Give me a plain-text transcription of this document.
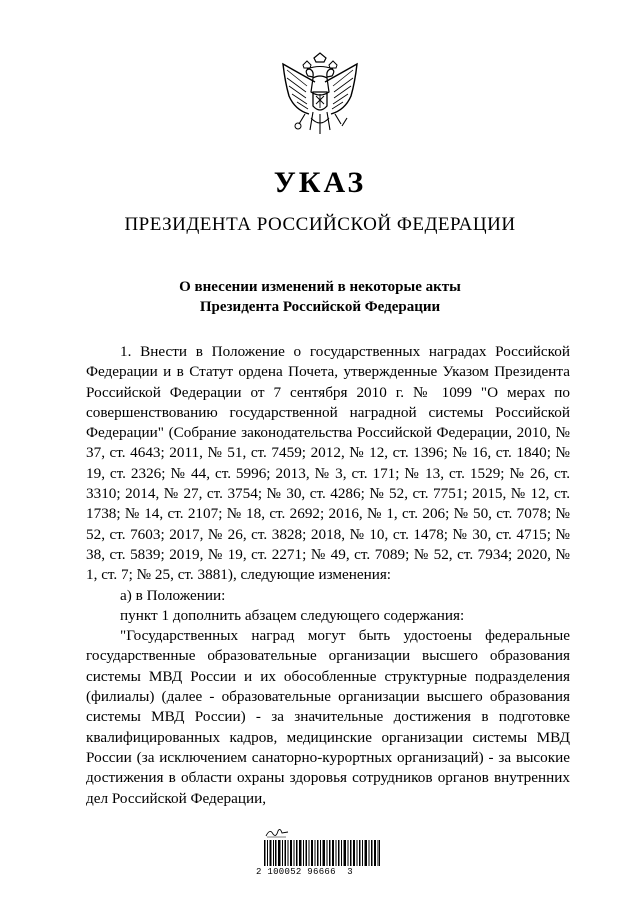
УКАЗ
ПРЕЗИДЕНТА РОССИЙСКОЙ ФЕДЕРАЦИИ
О внесении изменений в некоторые акты
Президента Российской Федерации

1. Внести в Положение о государственных наградах Российской Федерации и в Статут ордена Почета, утвержденные Указом Президента Российской Федерации от 7 сентября 2010 г. № 1099 "О мерах по совершенствованию государственной наградной системы Российской Федерации" (Собрание законодательства Российской Федерации, 2010, № 37, ст. 4643; 2011, № 51, ст. 7459; 2012, № 12, ст. 1396; № 16, ст. 1840; № 19, ст. 2326; № 44, ст. 5996; 2013, № 3, ст. 171; № 13, ст. 1529; № 26, ст. 3310; 2014, № 27, ст. 3754; № 30, ст. 4286; № 52, ст. 7751; 2015, № 12, ст. 1738; № 14, ст. 2107; № 18, ст. 2692; 2016, № 1, ст. 206; № 50, ст. 7078; № 52, ст. 7603; 2017, № 26, ст. 3828; 2018, № 10, ст. 1478; № 30, ст. 4715; № 38, ст. 5839; 2019, № 19, ст. 2271; № 49, ст. 7089; № 52, ст. 7934; 2020, № 1, ст. 7; № 25, ст. 3881), следующие изменения:

а) в Положении:

пункт 1 дополнить абзацем следующего содержания:

"Государственных наград могут быть удостоены федеральные государственные образовательные организации высшего образования системы МВД России и их обособленные структурные подразделения (филиалы) (далее - образовательные организации высшего образования системы МВД России) - за значительные достижения в подготовке квалифицированных кадров, медицинские организации системы МВД России (за исключением санаторно-курортных организаций) - за высокие достижения в области охраны здоровья сотрудников органов внутренних дел Российской Федерации,

2 100052 96666  3
